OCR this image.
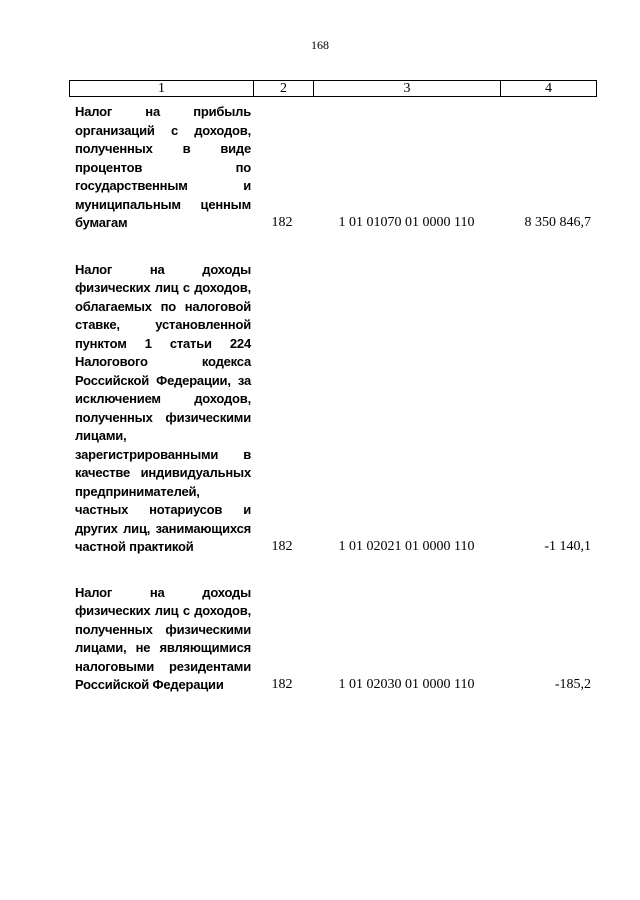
168
1	2	3	4
Налог на прибыль организаций с доходов, полученных в виде процентов по государственным и муниципальным ценным бумагам	182	1 01 01070 01 0000 110	8 350 846,7
Налог на доходы физических лиц с доходов, облагаемых по налоговой ставке, установленной пунктом 1 статьи 224 Налогового кодекса Российской Федерации, за исключением доходов, полученных физическими лицами, зарегистрированными в качестве индивидуальных предпринимателей, частных нотариусов и других лиц, занимающихся частной практикой	182	1 01 02021 01 0000 110	-1 140,1
Налог на доходы физических лиц с доходов, полученных физическими лицами, не являющимися налоговыми резидентами Российской Федерации	182	1 01 02030 01 0000 110	-185,2
